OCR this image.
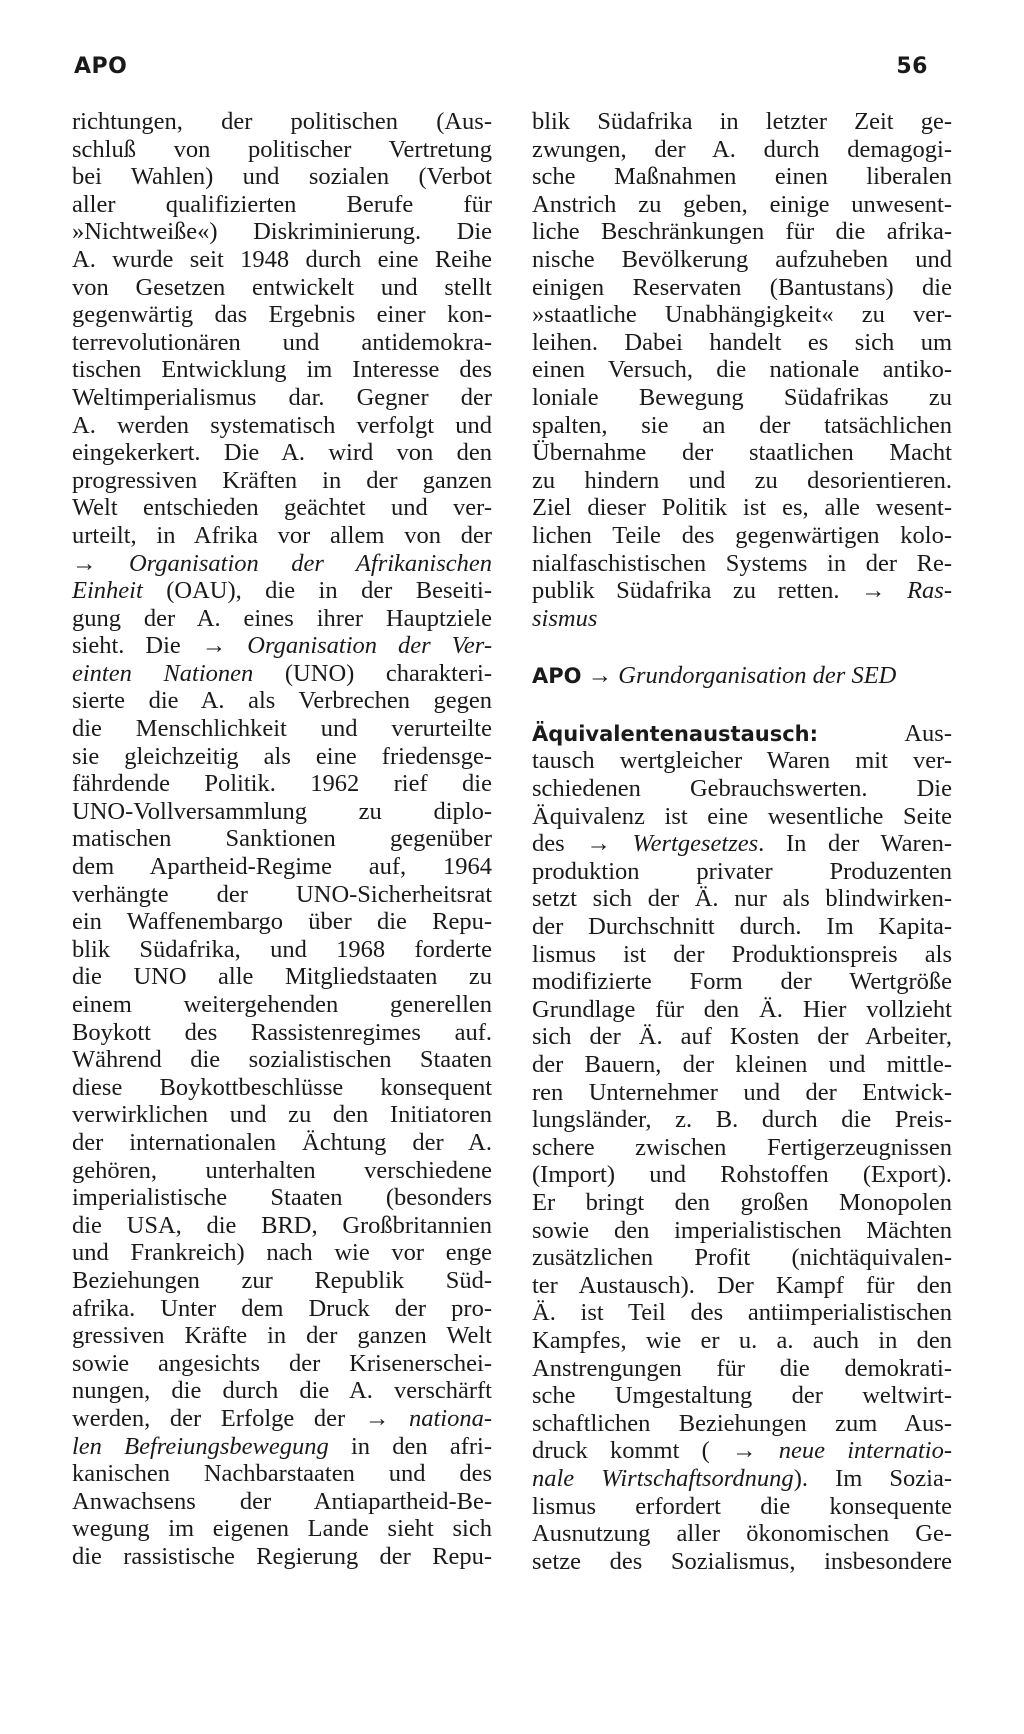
APO	56
richtungen, der politischen (Aus-
schluß von politischer Vertretung
bei Wahlen) und sozialen (Verbot
aller qualifizierten Berufe für
»Nichtweiße«) Diskriminierung. Die
A. wurde seit 1948 durch eine Reihe
von Gesetzen entwickelt und stellt
gegenwärtig das Ergebnis einer kon-
terrevolutionären und antidemokra-
tischen Entwicklung im Interesse des
Weltimperialismus dar. Gegner der
A. werden systematisch verfolgt und
eingekerkert. Die A. wird von den
progressiven Kräften in der ganzen
Welt entschieden geächtet und ver-
urteilt, in Afrika vor allem von der
→ Organisation der Afrikanischen
Einheit (OAU), die in der Beseiti-
gung der A. eines ihrer Hauptziele
sieht. Die → Organisation der Ver-
einten Nationen (UNO) charakteri-
sierte die A. als Verbrechen gegen
die Menschlichkeit und verurteilte
sie gleichzeitig als eine friedensge-
fährdende Politik. 1962 rief die
UNO-Vollversammlung zu diplo-
matischen Sanktionen gegenüber
dem Apartheid-Regime auf, 1964
verhängte der UNO-Sicherheitsrat
ein Waffenembargo über die Repu-
blik Südafrika, und 1968 forderte
die UNO alle Mitgliedstaaten zu
einem weitergehenden generellen
Boykott des Rassistenregimes auf.
Während die sozialistischen Staaten
diese Boykottbeschlüsse konsequent
verwirklichen und zu den Initiatoren
der internationalen Ächtung der A.
gehören, unterhalten verschiedene
imperialistische Staaten (besonders
die USA, die BRD, Großbritannien
und Frankreich) nach wie vor enge
Beziehungen zur Republik Süd-
afrika. Unter dem Druck der pro-
gressiven Kräfte in der ganzen Welt
sowie angesichts der Krisenerschei-
nungen, die durch die A. verschärft
werden, der Erfolge der → nationa-
len Befreiungsbewegung in den afri-
kanischen Nachbarstaaten und des
Anwachsens der Antiapartheid-Be-
wegung im eigenen Lande sieht sich
die rassistische Regierung der Repu-
blik Südafrika in letzter Zeit ge-
zwungen, der A. durch demagogi-
sche Maßnahmen einen liberalen
Anstrich zu geben, einige unwesent-
liche Beschränkungen für die afrika-
nische Bevölkerung aufzuheben und
einigen Reservaten (Bantustans) die
»staatliche Unabhängigkeit« zu ver-
leihen. Dabei handelt es sich um
einen Versuch, die nationale antiko-
loniale Bewegung Südafrikas zu
spalten, sie an der tatsächlichen
Übernahme der staatlichen Macht
zu hindern und zu desorientieren.
Ziel dieser Politik ist es, alle wesent-
lichen Teile des gegenwärtigen kolo-
nialfaschistischen Systems in der Re-
publik Südafrika zu retten. → Ras-
sismus
APO → Grundorganisation der SED
Äquivalentenaustausch:	Aus-
tausch wertgleicher Waren mit ver-
schiedenen Gebrauchswerten. Die
Äquivalenz ist eine wesentliche Seite
des → Wertgesetzes. In der Waren-
produktion privater Produzenten
setzt sich der Ä. nur als blindwirken-
der Durchschnitt durch. Im Kapita-
lismus ist der Produktionspreis als
modifizierte Form der Wertgröße
Grundlage für den Ä. Hier vollzieht
sich der Ä. auf Kosten der Arbeiter,
der Bauern, der kleinen und mittle-
ren Unternehmer und der Entwick-
lungsländer, z. B. durch die Preis-
schere zwischen Fertigerzeugnissen
(Import) und Rohstoffen (Export).
Er bringt den großen Monopolen
sowie den imperialistischen Mächten
zusätzlichen Profit (nichtäquivalen-
ter Austausch). Der Kampf für den
Ä. ist Teil des antiimperialistischen
Kampfes, wie er u. a. auch in den
Anstrengungen für die demokrati-
sche Umgestaltung der weltwirt-
schaftlichen Beziehungen zum Aus-
druck kommt ( → neue internatio-
nale Wirtschaftsordnung). Im Sozia-
lismus erfordert die konsequente
Ausnutzung aller ökonomischen Ge-
setze des Sozialismus, insbesondere
